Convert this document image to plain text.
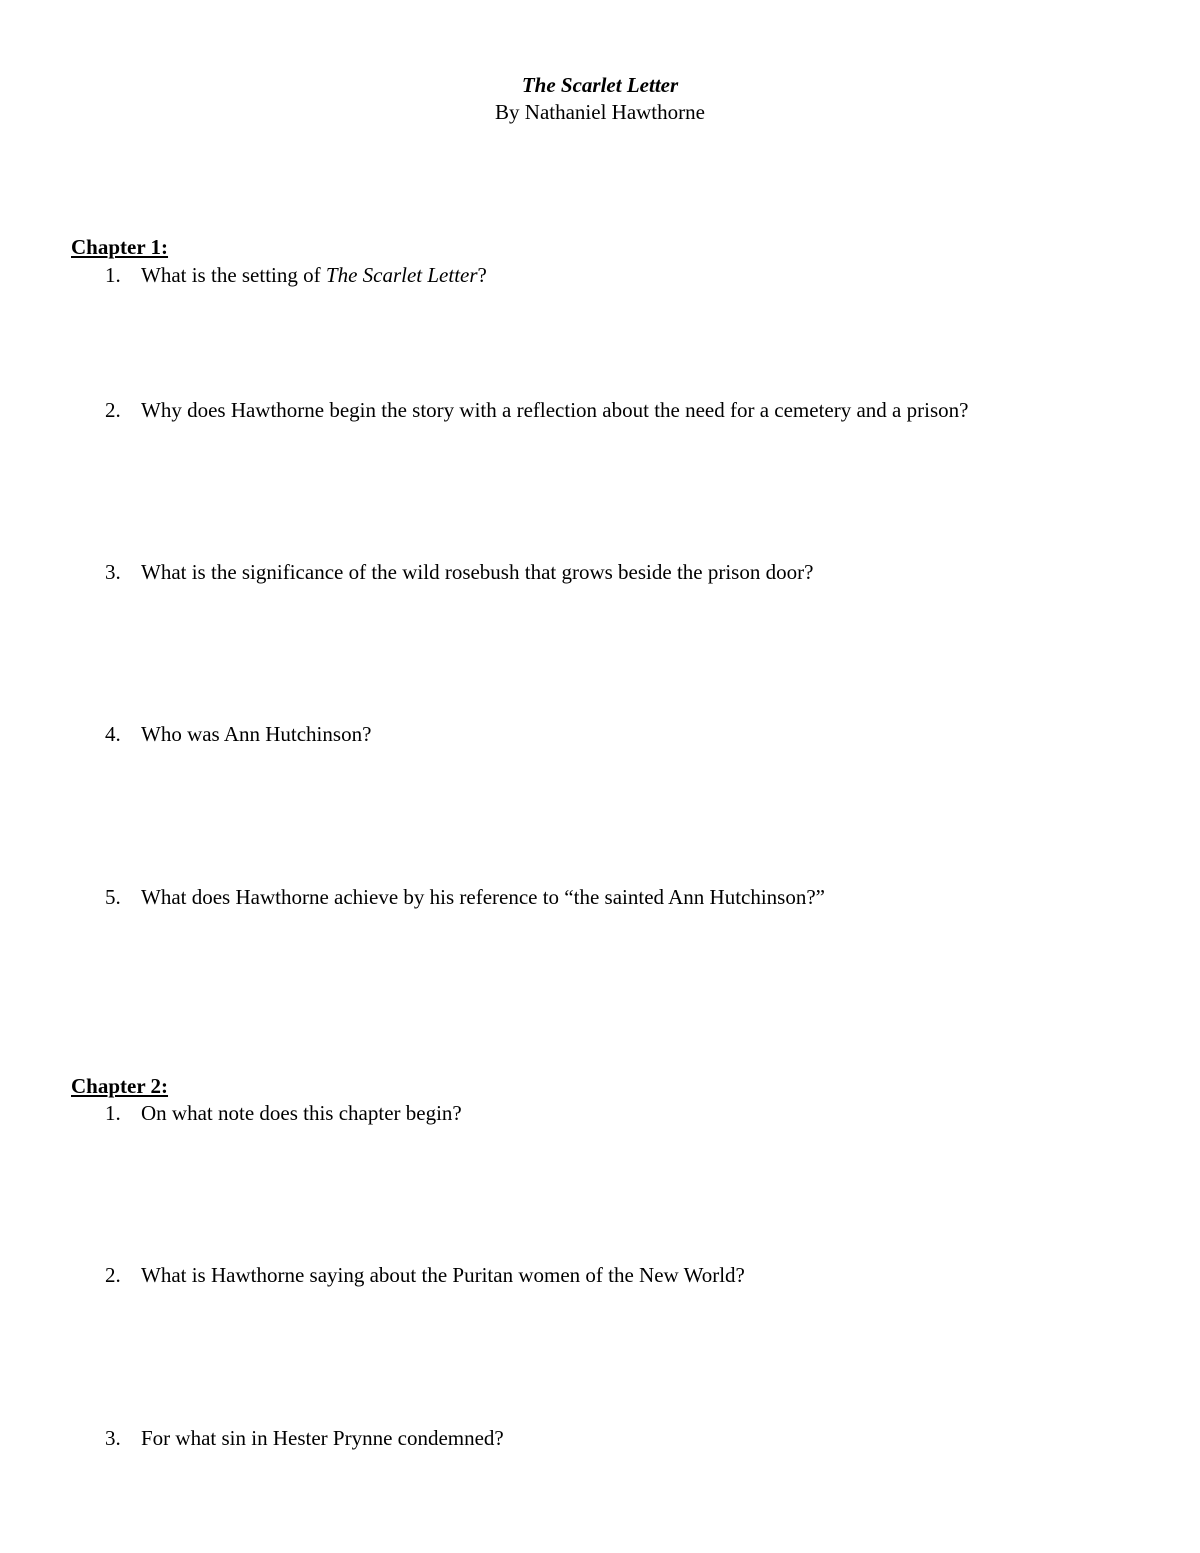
The Scarlet Letter
By Nathaniel Hawthorne
Chapter 1:
1. What is the setting of The Scarlet Letter?
2. Why does Hawthorne begin the story with a reflection about the need for a cemetery and a prison?
3. What is the significance of the wild rosebush that grows beside the prison door?
4. Who was Ann Hutchinson?
5. What does Hawthorne achieve by his reference to “the sainted Ann Hutchinson?”
Chapter 2:
1. On what note does this chapter begin?
2. What is Hawthorne saying about the Puritan women of the New World?
3. For what sin in Hester Prynne condemned?
